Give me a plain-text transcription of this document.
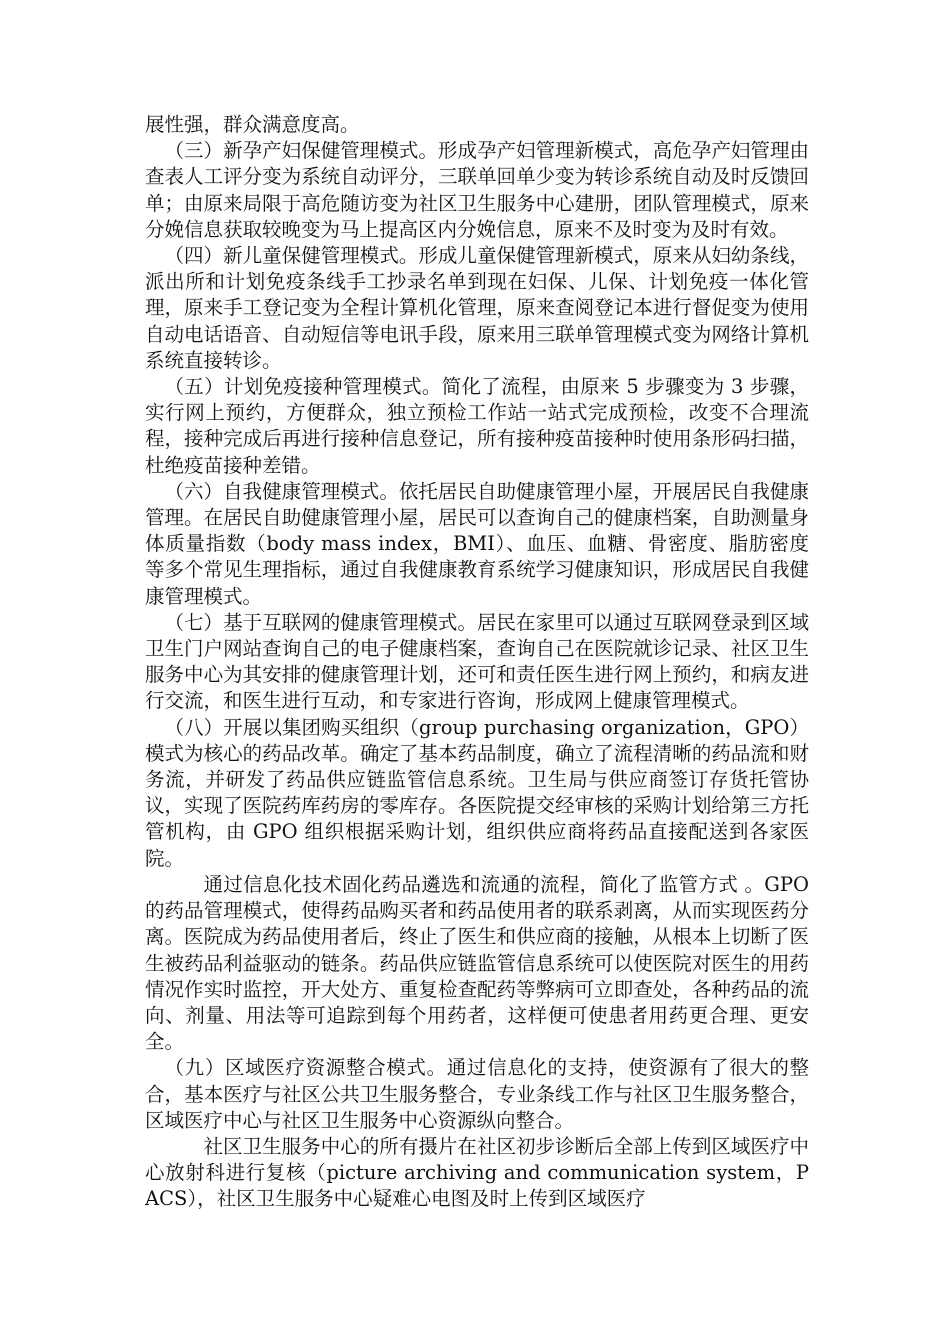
展性强，群众满意度高。

（三）新孕产妇保健管理模式。形成孕产妇管理新模式，高危孕产妇管理由查表人工评分变为系统自动评分，三联单回单少变为转诊系统自动及时反馈回单；由原来局限于高危随访变为社区卫生服务中心建册，团队管理模式，原来分娩信息获取较晚变为马上提高区内分娩信息，原来不及时变为及时有效。

（四）新儿童保健管理模式。形成儿童保健管理新模式，原来从妇幼条线，派出所和计划免疫条线手工抄录名单到现在妇保、儿保、计划免疫一体化管理，原来手工登记变为全程计算机化管理，原来查阅登记本进行督促变为使用自动电话语音、自动短信等电讯手段，原来用三联单管理模式变为网络计算机系统直接转诊。

（五）计划免疫接种管理模式。简化了流程，由原来 5 步骤变为 3 步骤，实行网上预约，方便群众，独立预检工作站一站式完成预检，改变不合理流程，接种完成后再进行接种信息登记，所有接种疫苗接种时使用条形码扫描，杜绝疫苗接种差错。

（六）自我健康管理模式。依托居民自助健康管理小屋，开展居民自我健康管理。在居民自助健康管理小屋，居民可以查询自己的健康档案，自助测量身体质量指数（body mass index，BMI）、血压、血糖、骨密度、脂肪密度等多个常见生理指标，通过自我健康教育系统学习健康知识，形成居民自我健康管理模式。

（七）基于互联网的健康管理模式。居民在家里可以通过互联网登录到区域卫生门户网站查询自己的电子健康档案，查询自己在医院就诊记录、社区卫生服务中心为其安排的健康管理计划，还可和责任医生进行网上预约，和病友进行交流，和医生进行互动，和专家进行咨询，形成网上健康管理模式。

（八）开展以集团购买组织（group purchasing organization，GPO）模式为核心的药品改革。确定了基本药品制度，确立了流程清晰的药品流和财务流，并研发了药品供应链监管信息系统。卫生局与供应商签订存货托管协议，实现了医院药库药房的零库存。各医院提交经审核的采购计划给第三方托管机构，由 GPO 组织根据采购计划，组织供应商将药品直接配送到各家医院。

通过信息化技术固化药品遴选和流通的流程，简化了监管方式 。GPO 的药品管理模式，使得药品购买者和药品使用者的联系剥离，从而实现医药分离。医院成为药品使用者后，终止了医生和供应商的接触，从根本上切断了医生被药品利益驱动的链条。药品供应链监管信息系统可以使医院对医生的用药情况作实时监控，开大处方、重复检查配药等弊病可立即查处，各种药品的流向、剂量、用法等可追踪到每个用药者，这样便可使患者用药更合理、更安全。

（九）区域医疗资源整合模式。通过信息化的支持，使资源有了很大的整合，基本医疗与社区公共卫生服务整合，专业条线工作与社区卫生服务整合，区域医疗中心与社区卫生服务中心资源纵向整合。

社区卫生服务中心的所有摄片在社区初步诊断后全部上传到区域医疗中心放射科进行复核（picture archiving and communication system，PACS），社区卫生服务中心疑难心电图及时上传到区域医疗
